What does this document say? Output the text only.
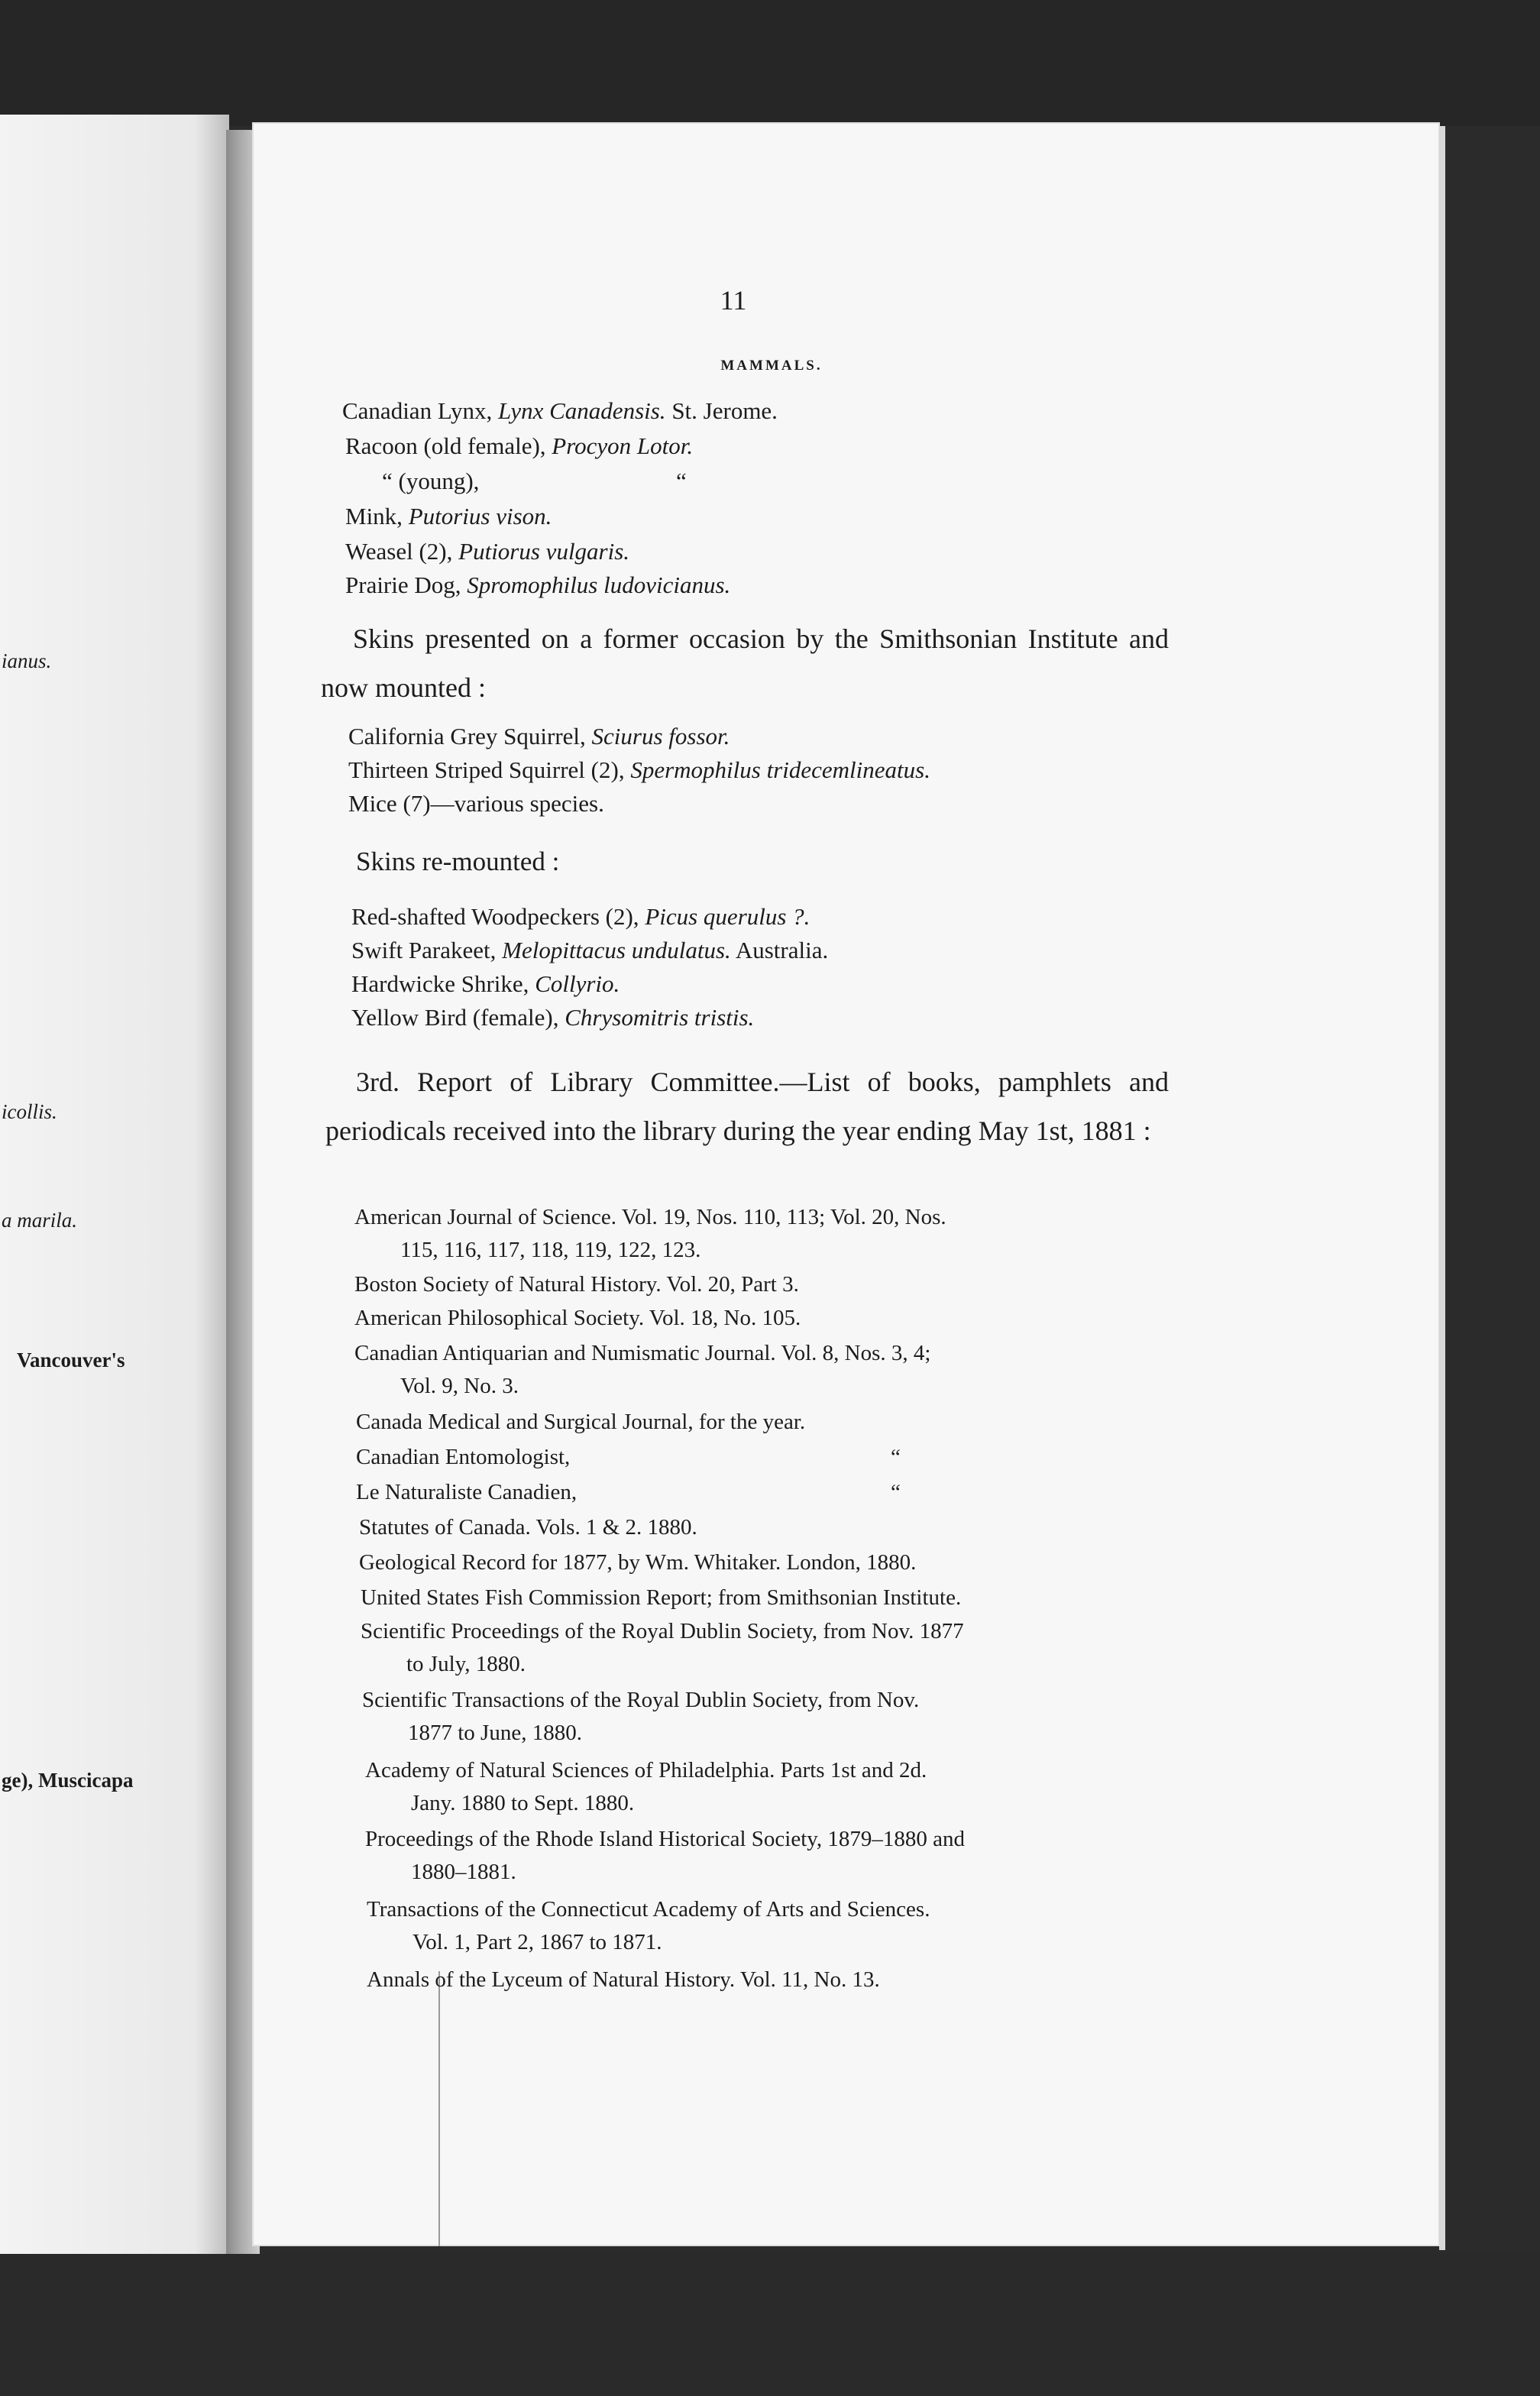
ianus.
icollis.
a marila.
Vancouver's
ge), Muscicapa
11
MAMMALS.
Canadian Lynx, Lynx Canadensis. St. Jerome.
Racoon (old female), Procyon Lotor.
“ (young),	“
Mink, Putorius vison.
Weasel (2), Putiorus vulgaris.
Prairie Dog, Spromophilus ludovicianus.
Skins presented on a former occasion by the Smithsonian Institute and now mounted :
California Grey Squirrel, Sciurus fossor.
Thirteen Striped Squirrel (2), Spermophilus tridecemlineatus.
Mice (7)—various species.
Skins re-mounted :
Red-shafted Woodpeckers (2), Picus querulus ?.
Swift Parakeet, Melopittacus undulatus. Australia.
Hardwicke Shrike, Collyrio.
Yellow Bird (female), Chrysomitris tristis.
3rd. Report of Library Committee.—List of books, pamphlets and periodicals received into the library during the year ending May 1st, 1881 :
American Journal of Science. Vol. 19, Nos. 110, 113; Vol. 20, Nos.
115, 116, 117, 118, 119, 122, 123.
Boston Society of Natural History. Vol. 20, Part 3.
American Philosophical Society. Vol. 18, No. 105.
Canadian Antiquarian and Numismatic Journal. Vol. 8, Nos. 3, 4;
Vol. 9, No. 3.
Canada Medical and Surgical Journal, for the year.
Canadian Entomologist,	“
Le Naturaliste Canadien,	“
Statutes of Canada. Vols. 1 & 2. 1880.
Geological Record for 1877, by Wm. Whitaker. London, 1880.
United States Fish Commission Report; from Smithsonian Institute.
Scientific Proceedings of the Royal Dublin Society, from Nov. 1877
to July, 1880.
Scientific Transactions of the Royal Dublin Society, from Nov.
1877 to June, 1880.
Academy of Natural Sciences of Philadelphia. Parts 1st and 2d.
Jany. 1880 to Sept. 1880.
Proceedings of the Rhode Island Historical Society, 1879–1880 and
1880–1881.
Transactions of the Connecticut Academy of Arts and Sciences.
Vol. 1, Part 2, 1867 to 1871.
Annals of the Lyceum of Natural History. Vol. 11, No. 13.
